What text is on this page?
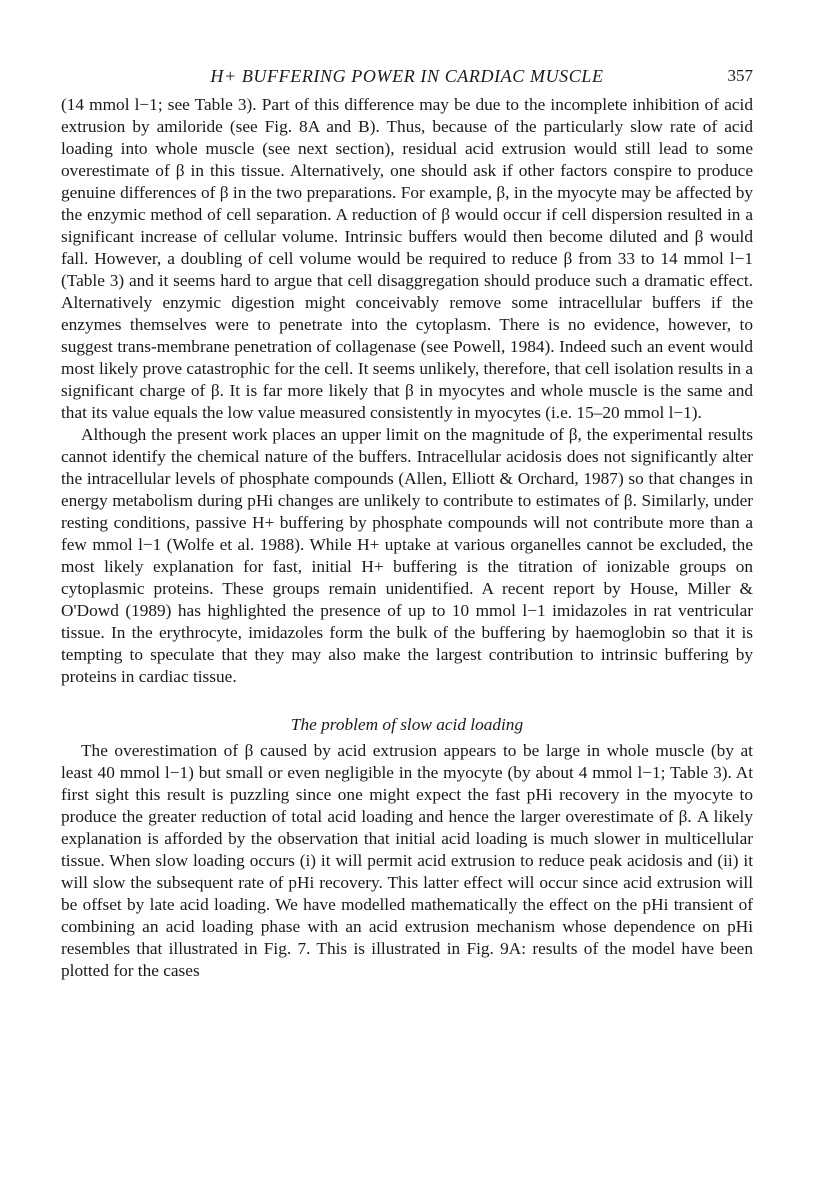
H+ BUFFERING POWER IN CARDIAC MUSCLE	357

(14 mmol l−1; see Table 3). Part of this difference may be due to the incomplete inhibition of acid extrusion by amiloride (see Fig. 8A and B). Thus, because of the particularly slow rate of acid loading into whole muscle (see next section), residual acid extrusion would still lead to some overestimate of β in this tissue. Alternatively, one should ask if other factors conspire to produce genuine differences of β in the two preparations. For example, β, in the myocyte may be affected by the enzymic method of cell separation. A reduction of β would occur if cell dispersion resulted in a significant increase of cellular volume. Intrinsic buffers would then become diluted and β would fall. However, a doubling of cell volume would be required to reduce β from 33 to 14 mmol l−1 (Table 3) and it seems hard to argue that cell disaggregation should produce such a dramatic effect. Alternatively enzymic digestion might conceivably remove some intracellular buffers if the enzymes themselves were to penetrate into the cytoplasm. There is no evidence, however, to suggest trans-membrane penetration of collagenase (see Powell, 1984). Indeed such an event would most likely prove catastrophic for the cell. It seems unlikely, therefore, that cell isolation results in a significant charge of β. It is far more likely that β in myocytes and whole muscle is the same and that its value equals the low value measured consistently in myocytes (i.e. 15–20 mmol l−1).

Although the present work places an upper limit on the magnitude of β, the experimental results cannot identify the chemical nature of the buffers. Intracellular acidosis does not significantly alter the intracellular levels of phosphate compounds (Allen, Elliott & Orchard, 1987) so that changes in energy metabolism during pHi changes are unlikely to contribute to estimates of β. Similarly, under resting conditions, passive H+ buffering by phosphate compounds will not contribute more than a few mmol l−1 (Wolfe et al. 1988). While H+ uptake at various organelles cannot be excluded, the most likely explanation for fast, initial H+ buffering is the titration of ionizable groups on cytoplasmic proteins. These groups remain unidentified. A recent report by House, Miller & O'Dowd (1989) has highlighted the presence of up to 10 mmol l−1 imidazoles in rat ventricular tissue. In the erythrocyte, imidazoles form the bulk of the buffering by haemoglobin so that it is tempting to speculate that they may also make the largest contribution to intrinsic buffering by proteins in cardiac tissue.

The problem of slow acid loading

The overestimation of β caused by acid extrusion appears to be large in whole muscle (by at least 40 mmol l−1) but small or even negligible in the myocyte (by about 4 mmol l−1; Table 3). At first sight this result is puzzling since one might expect the fast pHi recovery in the myocyte to produce the greater reduction of total acid loading and hence the larger overestimate of β. A likely explanation is afforded by the observation that initial acid loading is much slower in multicellular tissue. When slow loading occurs (i) it will permit acid extrusion to reduce peak acidosis and (ii) it will slow the subsequent rate of pHi recovery. This latter effect will occur since acid extrusion will be offset by late acid loading. We have modelled mathematically the effect on the pHi transient of combining an acid loading phase with an acid extrusion mechanism whose dependence on pHi resembles that illustrated in Fig. 7. This is illustrated in Fig. 9A: results of the model have been plotted for the cases
